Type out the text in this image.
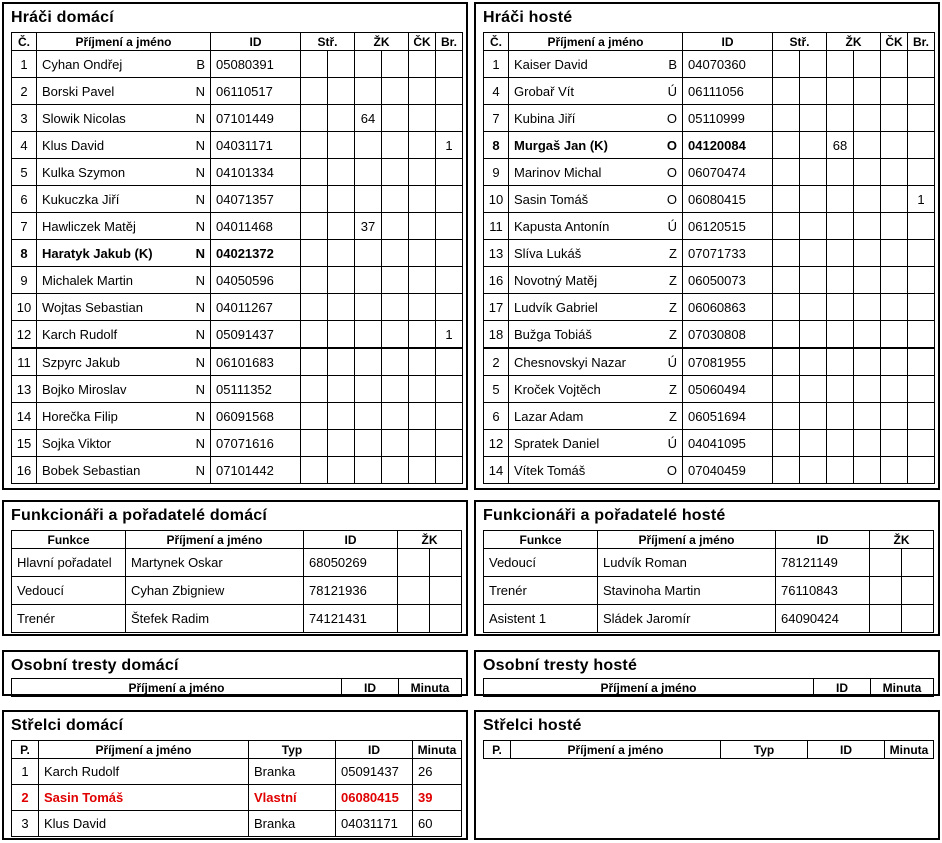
Hráči domácí
Č.	Příjmení a jméno	ID	Stř.		ŽK		ČK	Br.
1	Cyhan Ondřej B	05080391						
2	Borski Pavel N	06110517						
3	Slowik Nicolas N	07101449			64			
4	Klus David N	04031171						1
5	Kulka Szymon N	04101334						
6	Kukuczka Jiří N	04071357						
7	Hawliczek Matěj N	04011468			37			
8	Haratyk Jakub (K) N	04021372						
9	Michalek Martin N	04050596						
10	Wojtas Sebastian N	04011267						
12	Karch Rudolf N	05091437						1
11	Szpyrc Jakub N	06101683						
13	Bojko Miroslav N	05111352						
14	Horečka Filip N	06091568						
15	Sojka Viktor N	07071616						
16	Bobek Sebastian N	07101442						
Hráči hosté
Č.	Příjmení a jméno	ID	Stř.		ŽK		ČK	Br.
1	Kaiser David B	04070360						
4	Grobař Vít Ú	06111056						
7	Kubina Jiří O	05110999						
8	Murgaš Jan (K) O	04120084			68			
9	Marinov Michal O	06070474						
10	Sasin Tomáš O	06080415						1
11	Kapusta Antonín Ú	06120515						
13	Slíva Lukáš Z	07071733						
16	Novotný Matěj Z	06050073						
17	Ludvík Gabriel Z	06060863						
18	Bužga Tobiáš Z	07030808						
2	Chesnovskyi Nazar Ú	07081955						
5	Kroček Vojtěch Z	05060494						
6	Lazar Adam Z	06051694						
12	Spratek Daniel Ú	04041095						
14	Vítek Tomáš O	07040459						
Funkcionáři a pořadatelé domácí
Funkce	Příjmení a jméno	ID	ŽK	
Hlavní pořadatel	Martynek Oskar	68050269		
Vedoucí	Cyhan Zbigniew	78121936		
Trenér	Štefek Radim	74121431		
Funkcionáři a pořadatelé hosté
Funkce	Příjmení a jméno	ID	ŽK	
Vedoucí	Ludvík Roman	78121149		
Trenér	Stavinoha Martin	76110843		
Asistent 1	Sládek Jaromír	64090424		
Osobní tresty domácí
Příjmení a jméno	ID	Minuta
Osobní tresty hosté
Příjmení a jméno	ID	Minuta
Střelci domácí
P.	Příjmení a jméno	Typ	ID	Minuta
1	Karch Rudolf	Branka	05091437	26
2	Sasin Tomáš	Vlastní	06080415	39
3	Klus David	Branka	04031171	60
Střelci hosté
P.	Příjmení a jméno	Typ	ID	Minuta
